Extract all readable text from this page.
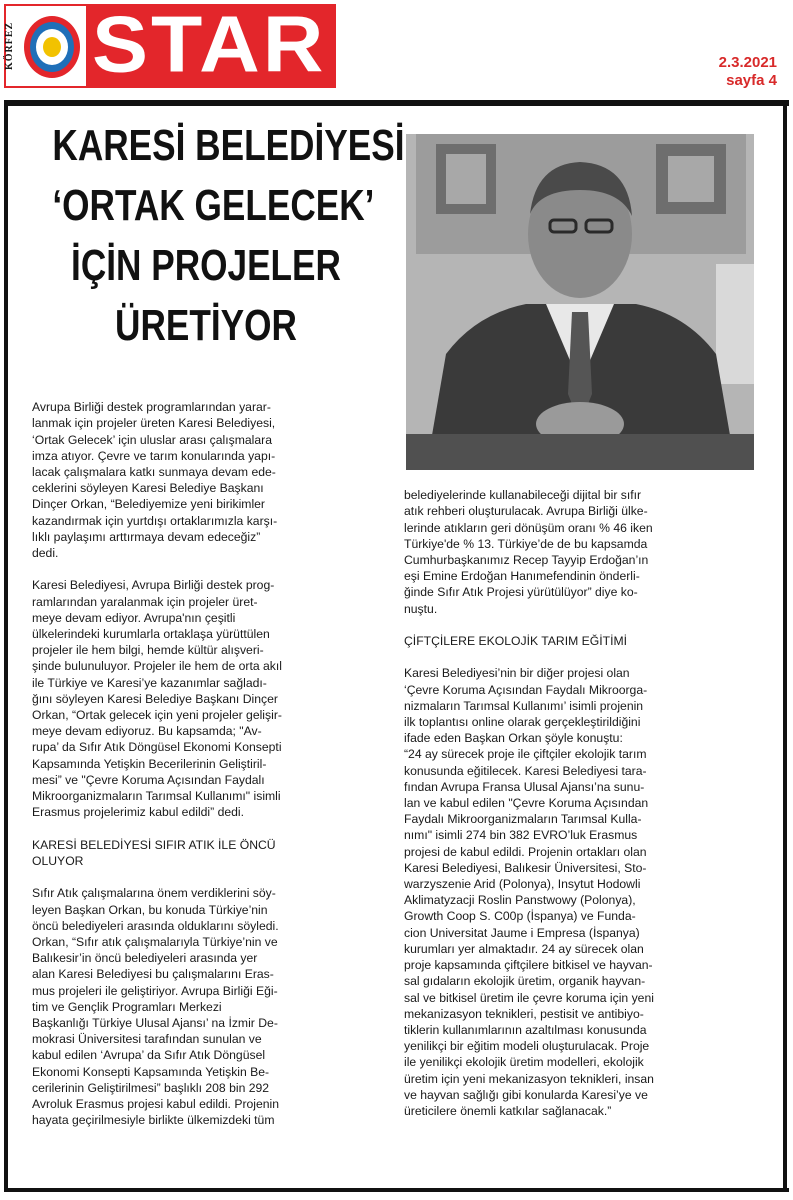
KÖRFEZ STAR	2.3.2021
sayfa 4
KARESİ BELEDİYESİ
‘ORTAK GELECEK’
İÇİN PROJELER
ÜRETİYOR

Avrupa Birliği destek programlarından yarar-
lanmak için projeler üreten Karesi Belediyesi,
‘Ortak Gelecek’ için uluslar arası çalışmalara
imza atıyor. Çevre ve tarım konularında yapı-
lacak çalışmalara katkı sunmaya devam ede-
ceklerini söyleyen Karesi Belediye Başkanı
Dinçer Orkan, “Belediyemize yeni birikimler
kazandırmak için yurtdışı ortaklarımızla karşı-
lıklı paylaşımı arttırmaya devam edeceğiz”
dedi.

Karesi Belediyesi, Avrupa Birliği destek prog-
ramlarından yaralanmak için projeler üret-
meye devam ediyor. Avrupa'nın çeşitli
ülkelerindeki kurumlarla ortaklaşa yürüttülen
projeler ile hem bilgi, hemde kültür alışveri-
şinde bulunuluyor. Projeler ile hem de orta akıl
ile Türkiye ve Karesi’ye kazanımlar sağladı-
ğını söyleyen Karesi Belediye Başkanı Dinçer
Orkan, “Ortak gelecek için yeni projeler gelişir-
meye devam ediyoruz. Bu kapsamda; "Av-
rupa’ da Sıfır Atık Döngüsel Ekonomi Konsepti
Kapsamında Yetişkin Becerilerinin Geliştiril-
mesi” ve "Çevre Koruma Açısından Faydalı
Mikroorganizmaların Tarımsal Kullanımı" isimli
Erasmus projelerimiz kabul edildi” dedi.

KARESİ BELEDİYESİ SIFIR ATIK İLE ÖNCÜ
OLUYOR

Sıfır Atık çalışmalarına önem verdiklerini söy-
leyen Başkan Orkan, bu konuda Türkiye’nin
öncü belediyeleri arasında olduklarını söyledi.
Orkan, “Sıfır atık çalışmalarıyla Türkiye’nin ve
Balıkesir’in öncü belediyeleri arasında yer
alan Karesi Belediyesi bu çalışmalarını Eras-
mus projeleri ile geliştiriyor. Avrupa Birliği Eği-
tim ve Gençlik Programları Merkezi
Başkanlığı Türkiye Ulusal Ajansı’ na İzmir De-
mokrasi Üniversitesi tarafından sunulan ve
kabul edilen ‘Avrupa’ da Sıfır Atık Döngüsel
Ekonomi Konsepti Kapsamında Yetişkin Be-
cerilerinin Geliştirilmesi” başlıklı 208 bin 292
Avroluk Erasmus projesi kabul edildi. Projenin
hayata geçirilmesiyle birlikte ülkemizdeki tüm

belediyelerinde kullanabileceği dijital bir sıfır
atık rehberi oluşturulacak. Avrupa Birliği ülke-
lerinde atıkların geri dönüşüm oranı % 46 iken
Türkiye'de % 13. Türkiye’de de bu kapsamda
Cumhurbaşkanımız Recep Tayyip Erdoğan’ın
eşi Emine Erdoğan Hanımefendinin önderli-
ğinde Sıfır Atık Projesi yürütülüyor” diye ko-
nuştu.

ÇİFTÇİLERE EKOLOJİK TARIM EĞİTİMİ

Karesi Belediyesi’nin bir diğer projesi olan
‘Çevre Koruma Açısından Faydalı Mikroorga-
nizmaların Tarımsal Kullanımı’ isimli projenin
ilk toplantısı online olarak gerçekleştirildiğini
ifade eden Başkan Orkan şöyle konuştu:
“24 ay sürecek proje ile çiftçiler ekolojik tarım
konusunda eğitilecek. Karesi Belediyesi tara-
fından Avrupa Fransa Ulusal Ajansı’na sunu-
lan ve kabul edilen "Çevre Koruma Açısından
Faydalı Mikroorganizmaların Tarımsal Kulla-
nımı" isimli 274 bin 382 EVRO’luk Erasmus
projesi de kabul edildi. Projenin ortakları olan
Karesi Belediyesi, Balıkesir Üniversitesi, Sto-
warzyszenie Arid (Polonya), Insytut Hodowli
Aklimatyzacji Roslin Panstwowy (Polonya),
Growth Coop S. C00p (İspanya) ve Funda-
cion Universitat Jaume i Empresa (İspanya)
kurumları yer almaktadır. 24 ay sürecek olan
proje kapsamında çiftçilere bitkisel ve hayvan-
sal gıdaların ekolojik üretim, organik hayvan-
sal ve bitkisel üretim ile çevre koruma için yeni
mekanizasyon teknikleri, pestisit ve antibiyo-
tiklerin kullanımlarının azaltılması konusunda
yenilikçi bir eğitim modeli oluşturulacak. Proje
ile yenilikçi ekolojik üretim modelleri, ekolojik
üretim için yeni mekanizasyon teknikleri, insan
ve hayvan sağlığı gibi konularda Karesi’ye ve
üreticilere önemli katkılar sağlanacak.”
